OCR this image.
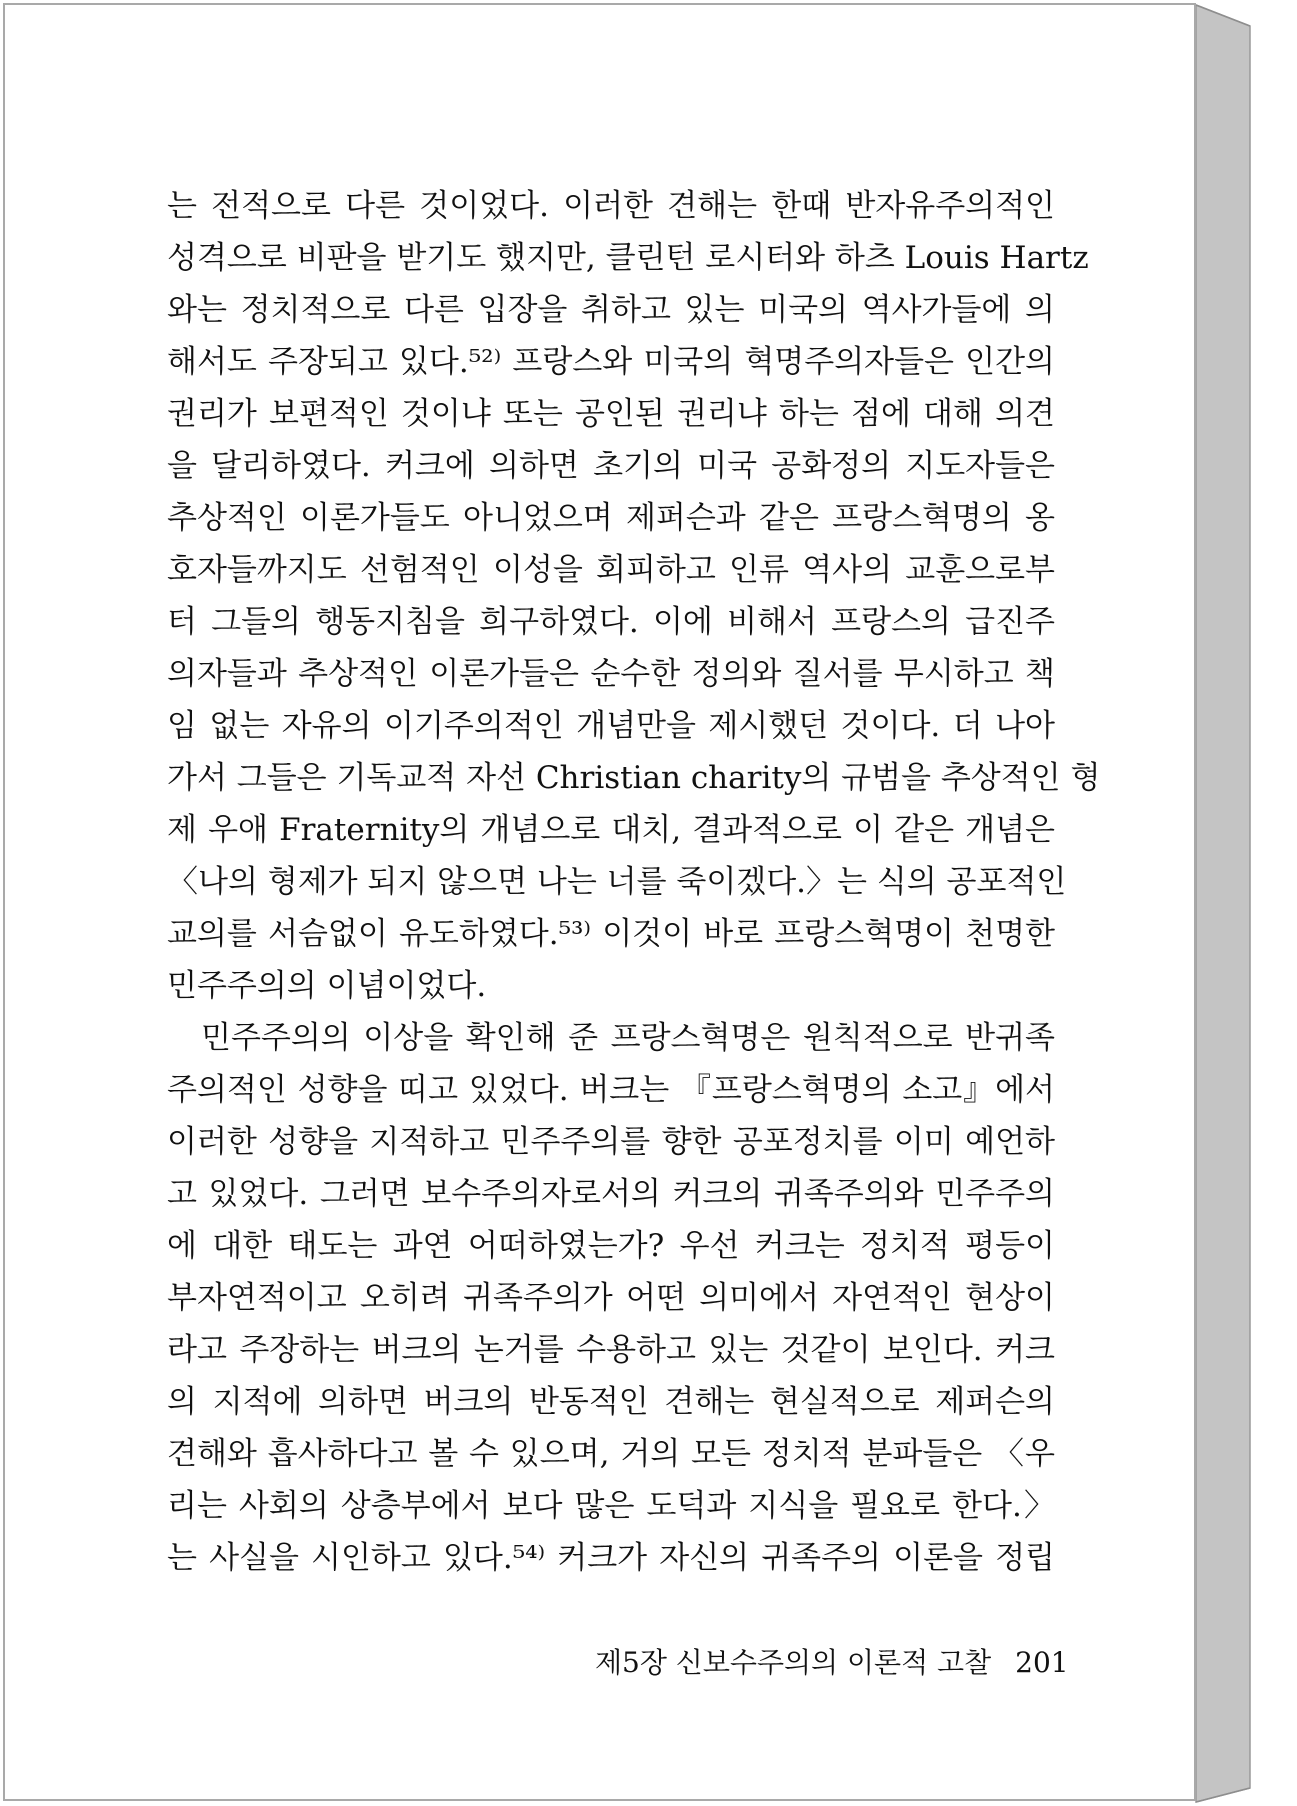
는 전적으로 다른 것이었다. 이러한 견해는 한때 반자유주의적인
성격으로 비판을 받기도 했지만, 클린턴 로시터와 하츠 Louis Hartz
와는 정치적으로 다른 입장을 취하고 있는 미국의 역사가들에 의
해서도 주장되고 있다.⁵²⁾ 프랑스와 미국의 혁명주의자들은 인간의
권리가 보편적인 것이냐 또는 공인된 권리냐 하는 점에 대해 의견
을 달리하였다. 커크에 의하면 초기의 미국 공화정의 지도자들은
추상적인 이론가들도 아니었으며 제퍼슨과 같은 프랑스혁명의 옹
호자들까지도 선험적인 이성을 회피하고 인류 역사의 교훈으로부
터 그들의 행동지침을 희구하였다. 이에 비해서 프랑스의 급진주
의자들과 추상적인 이론가들은 순수한 정의와 질서를 무시하고 책
임 없는 자유의 이기주의적인 개념만을 제시했던 것이다. 더 나아
가서 그들은 기독교적 자선 Christian charity의 규범을 추상적인 형
제 우애 Fraternity의 개념으로 대치, 결과적으로 이 같은 개념은
〈나의 형제가 되지 않으면 나는 너를 죽이겠다.〉는 식의 공포적인
교의를 서슴없이 유도하였다.⁵³⁾ 이것이 바로 프랑스혁명이 천명한
민주주의의 이념이었다.
민주주의의 이상을 확인해 준 프랑스혁명은 원칙적으로 반귀족
주의적인 성향을 띠고 있었다. 버크는 『프랑스혁명의 소고』에서
이러한 성향을 지적하고 민주주의를 향한 공포정치를 이미 예언하
고 있었다. 그러면 보수주의자로서의 커크의 귀족주의와 민주주의
에 대한 태도는 과연 어떠하였는가? 우선 커크는 정치적 평등이
부자연적이고 오히려 귀족주의가 어떤 의미에서 자연적인 현상이
라고 주장하는 버크의 논거를 수용하고 있는 것같이 보인다. 커크
의 지적에 의하면 버크의 반동적인 견해는 현실적으로 제퍼슨의
견해와 흡사하다고 볼 수 있으며, 거의 모든 정치적 분파들은 〈우
리는 사회의 상층부에서 보다 많은 도덕과 지식을 필요로 한다.〉
는 사실을 시인하고 있다.⁵⁴⁾ 커크가 자신의 귀족주의 이론을 정립
제5장 신보수주의의 이론적 고찰 201
